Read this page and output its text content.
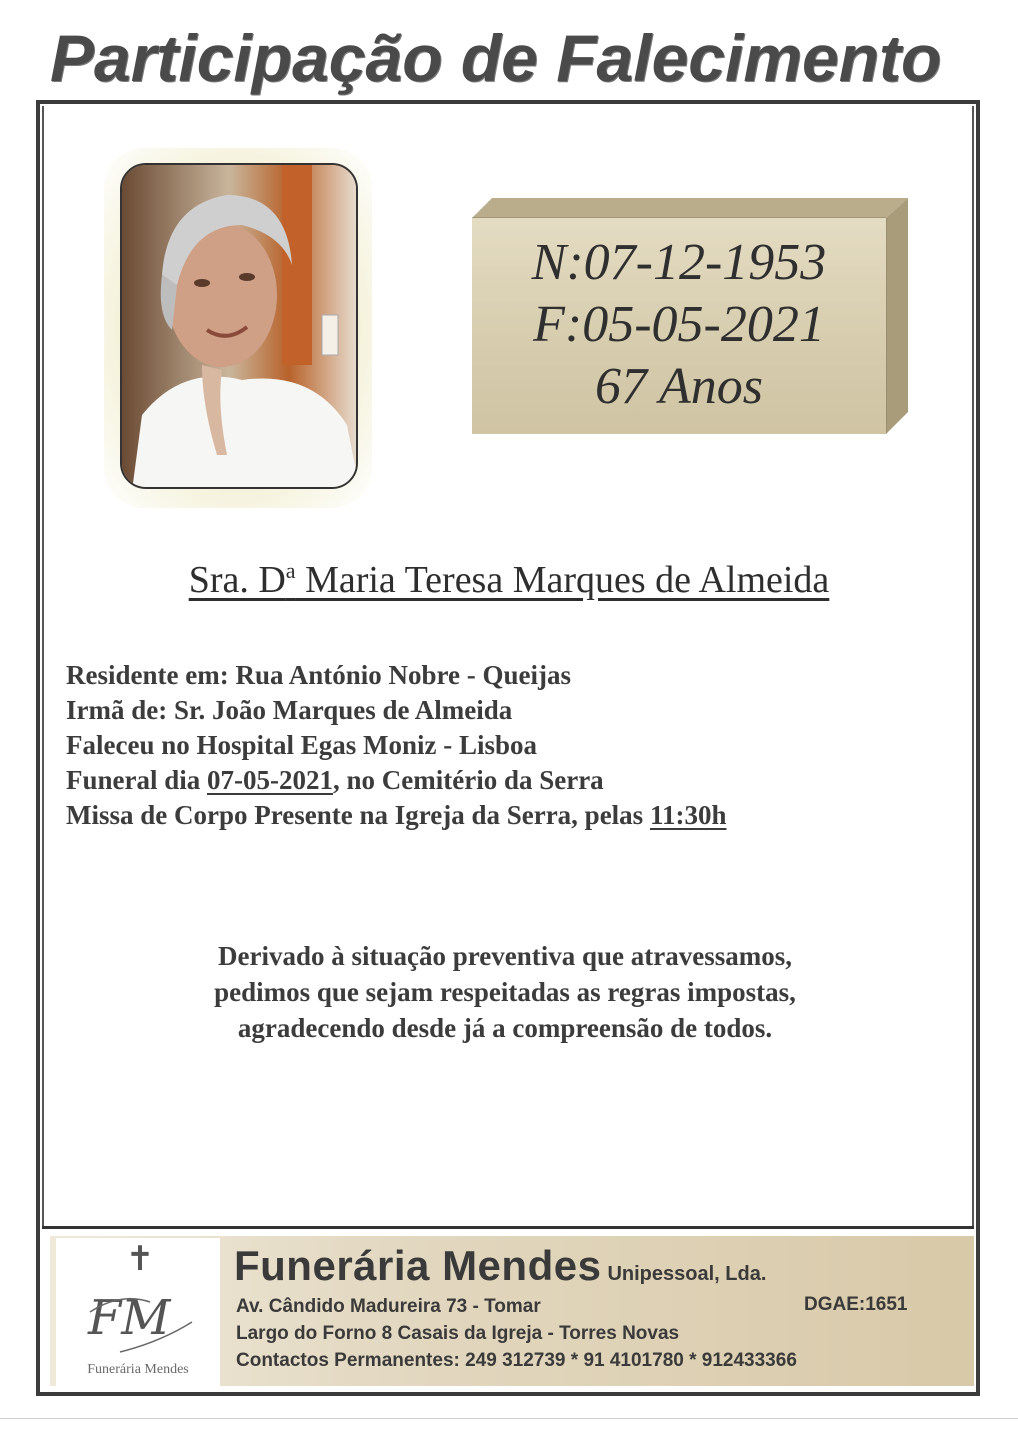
Participação de Falecimento
N:07-12-1953
F:05-05-2021
67 Anos
Sra. $D^a$ Maria Teresa Marques de Almeida
Residente em: Rua António Nobre - Queijas
Irmã de: Sr. João Marques de Almeida
Faleceu no Hospital Egas Moniz - Lisboa
Funeral dia 07-05-2021, no Cemitério da Serra
Missa de Corpo Presente na Igreja da Serra, pelas 11:30h
Derivado à situação preventiva que atravessamos,
pedimos que sejam respeitadas as regras impostas,
agradecendo desde já a compreensão de todos.
✝
FM
Funerária Mendes
Funerária Mendes Unipessoal, Lda.
Av. Cândido Madureira 73 - Tomar	DGAE:1651
Largo do Forno 8 Casais da Igreja - Torres Novas
Contactos Permanentes: 249 312739 * 91 4101780 * 912433366
